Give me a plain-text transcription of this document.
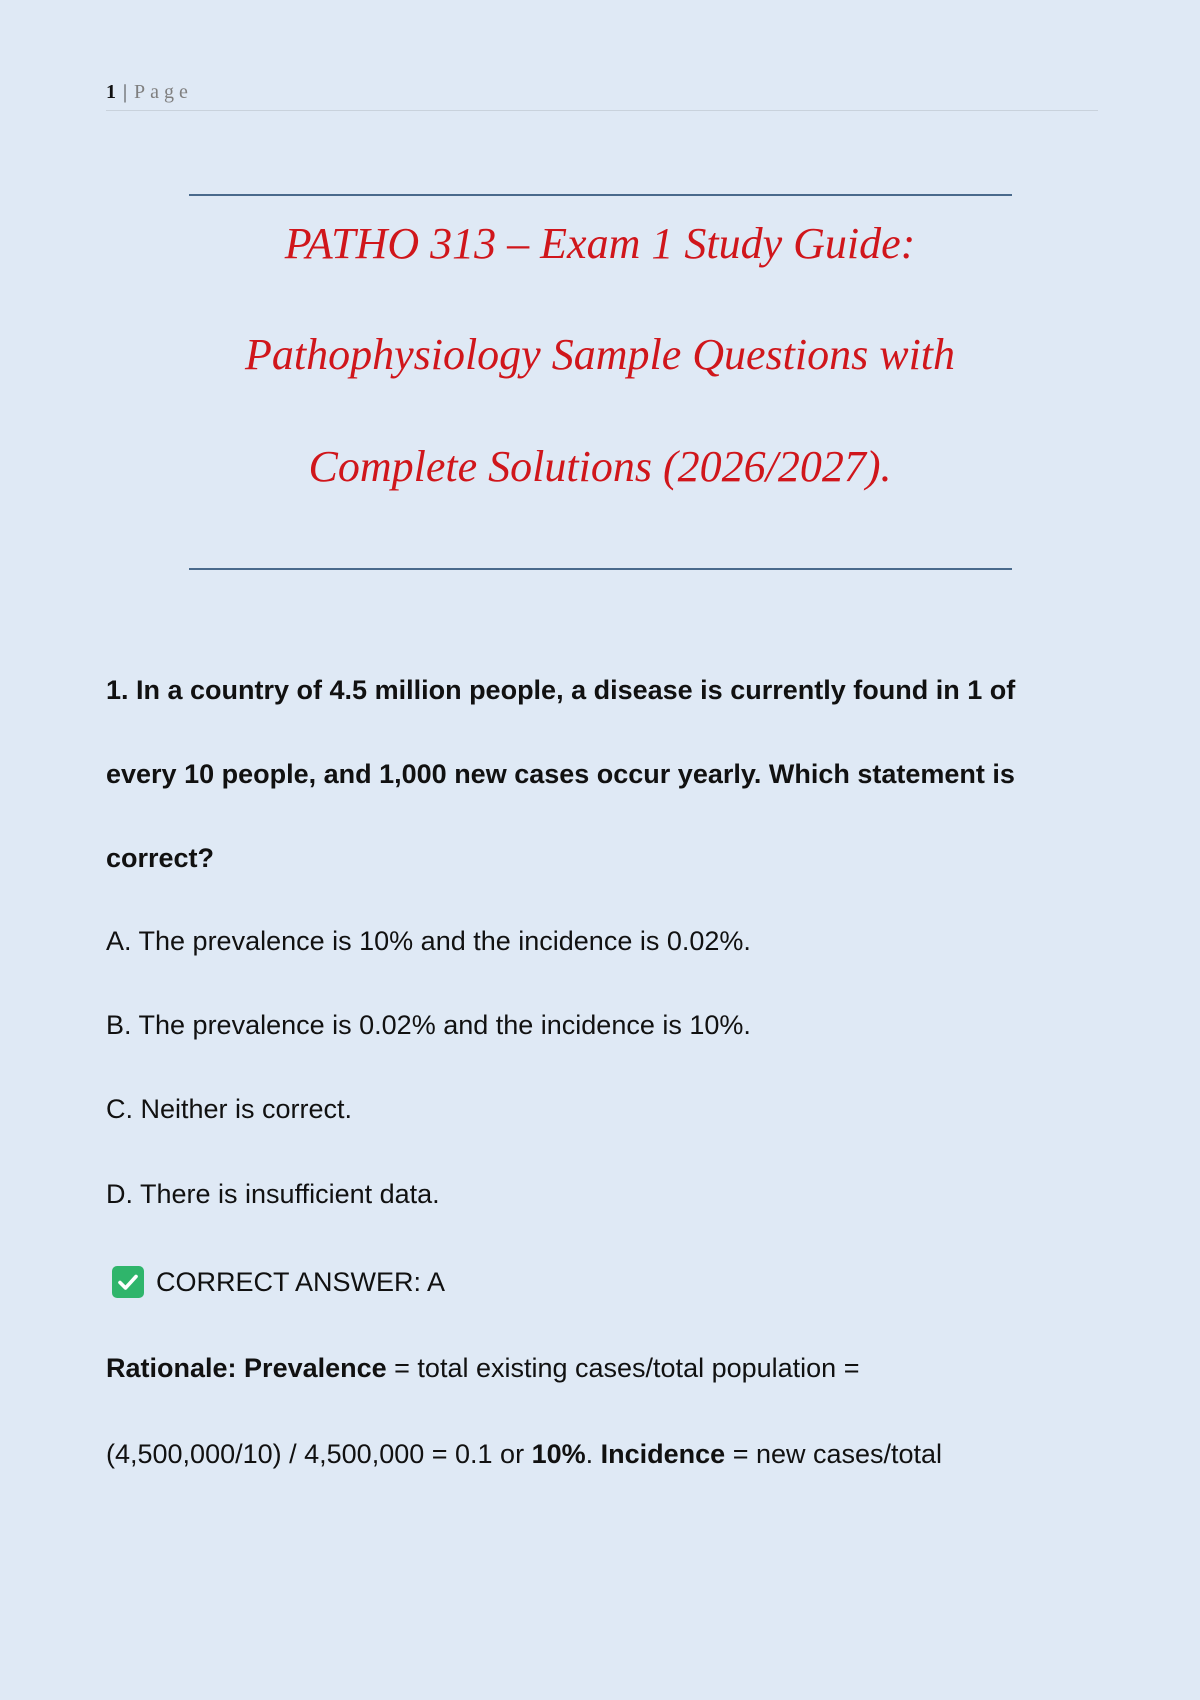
1 | Page
PATHO 313 – Exam 1 Study Guide:
Pathophysiology Sample Questions with
Complete Solutions (2026/2027).
1. In a country of 4.5 million people, a disease is currently found in 1 of
every 10 people, and 1,000 new cases occur yearly. Which statement is
correct?
A. The prevalence is 10% and the incidence is 0.02%.
B. The prevalence is 0.02% and the incidence is 10%.
C. Neither is correct.
D. There is insufficient data.
CORRECT ANSWER: A
Rationale: Prevalence = total existing cases/total population =
(4,500,000/10) / 4,500,000 = 0.1 or 10%. Incidence = new cases/total
